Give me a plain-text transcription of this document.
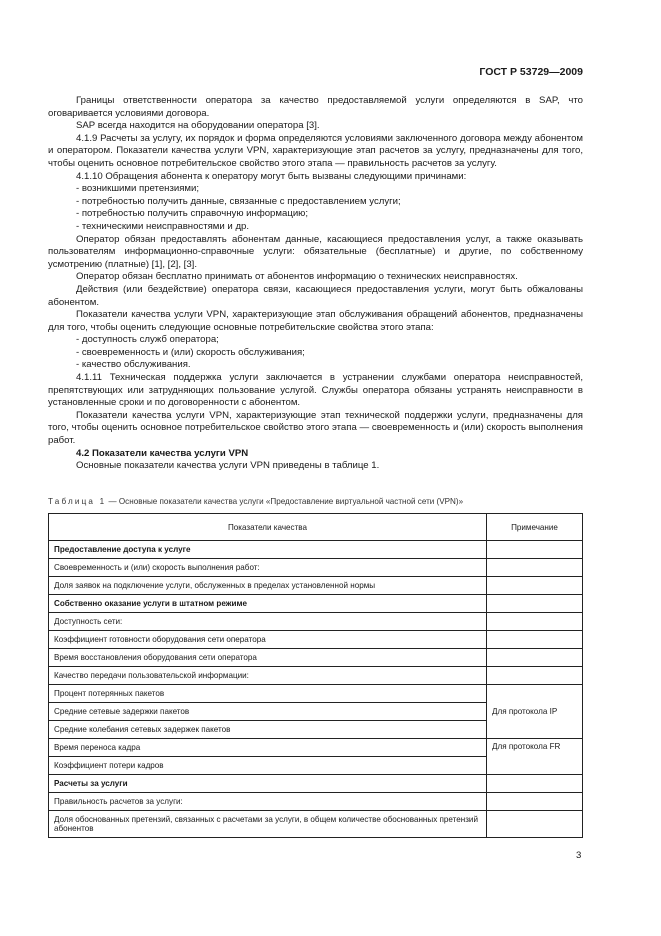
ГОСТ Р 53729—2009

Границы ответственности оператора за качество предоставляемой услуги определяются в SAP, что оговаривается условиями договора.

SAP всегда находится на оборудовании оператора [3].

4.1.9 Расчеты за услугу, их порядок и форма определяются условиями заключенного договора между абонентом и оператором. Показатели качества услуги VPN, характеризующие этап расчетов за услугу, предназначены для того, чтобы оценить основное потребительское свойство этого этапа — правильность расчетов за услугу.

4.1.10 Обращения абонента к оператору могут быть вызваны следующими причинами:

- возникшими претензиями;

- потребностью получить данные, связанные с предоставлением услуги;

- потребностью получить справочную информацию;

- техническими неисправностями и др.

Оператор обязан предоставлять абонентам данные, касающиеся предоставления услуг, а также оказывать пользователям информационно-справочные услуги: обязательные (бесплатные) и другие, по собственному усмотрению (платные) [1], [2], [3].

Оператор обязан бесплатно принимать от абонентов информацию о технических неисправностях.

Действия (или бездействие) оператора связи, касающиеся предоставления услуги, могут быть обжалованы абонентом.

Показатели качества услуги VPN, характеризующие этап обслуживания обращений абонентов, предназначены для того, чтобы оценить следующие основные потребительские свойства этого этапа:

- доступность служб оператора;

- своевременность и (или) скорость обслуживания;

- качество обслуживания.

4.1.11 Техническая поддержка услуги заключается в устранении службами оператора неисправностей, препятствующих или затрудняющих пользование услугой. Службы оператора обязаны устранять неисправности в установленные сроки и по договоренности с абонентом.

Показатели качества услуги VPN, характеризующие этап технической поддержки услуги, предназначены для того, чтобы оценить основное потребительское свойство этого этапа — своевременность и (или) скорость выполнения работ.

4.2 Показатели качества услуги VPN

Основные показатели качества услуги VPN приведены в таблице 1.

Таблица 1 — Основные показатели качества услуги «Предоставление виртуальной частной сети (VPN)»
Показатели качества	Примечание
Предоставление доступа к услуге	
Своевременность и (или) скорость выполнения работ:	
Доля заявок на подключение услуги, обслуженных в пределах установленной нормы	
Собственно оказание услуги в штатном режиме	
Доступность сети:	
Коэффициент готовности оборудования сети оператора	
Время восстановления оборудования сети оператора	
Качество передачи пользовательской информации:	
Процент потерянных пакетов	Для протокола IP
Средние сетевые задержки пакетов	
Средние колебания сетевых задержек пакетов	
Время переноса кадра	Для протокола FR
Коэффициент потери кадров	
Расчеты за услуги	
Правильность расчетов за услуги:	
Доля обоснованных претензий, связанных с расчетами за услуги, в общем количестве обоснованных претензий абонентов	
3
